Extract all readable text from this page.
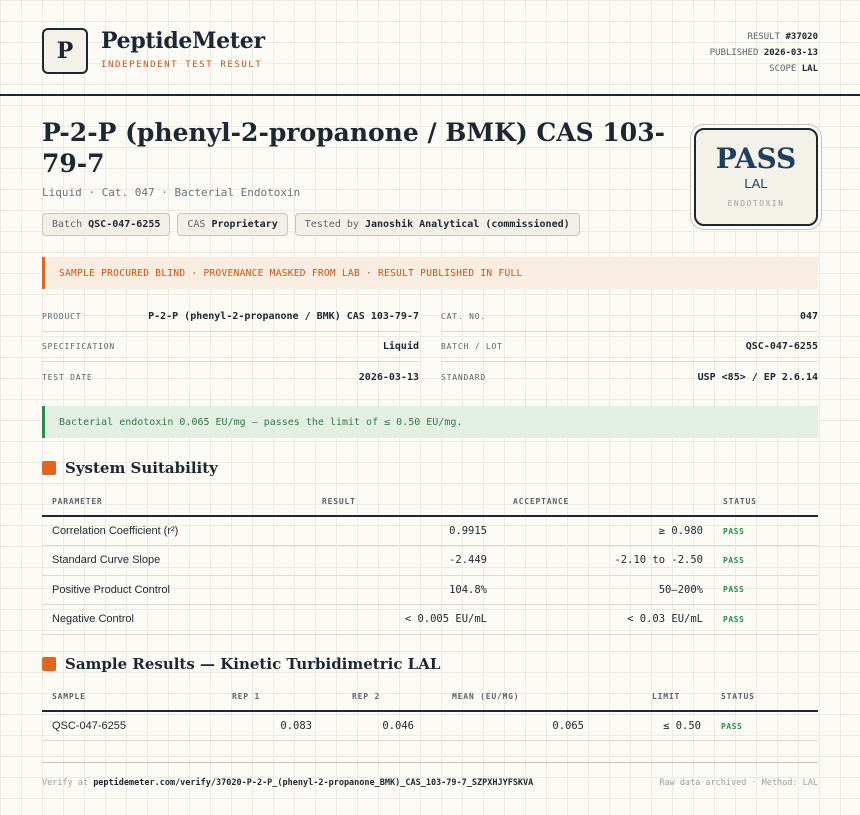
P	PeptideMeter
INDEPENDENT TEST RESULT
RESULT #37020
PUBLISHED 2026-03-13
SCOPE LAL
P-2-P (phenyl-2-propanone / BMK) CAS 103-79-7
Liquid · Cat. 047 · Bacterial Endotoxin
Batch QSC-047-6255	CAS Proprietary	Tested by Janoshik Analytical (commissioned)
PASS
LAL
ENDOTOXIN
SAMPLE PROCURED BLIND · PROVENANCE MASKED FROM LAB · RESULT PUBLISHED IN FULL
PRODUCT	P-2-P (phenyl-2-propanone / BMK) CAS 103-79-7	CAT. NO.	047
SPECIFICATION	Liquid	BATCH / LOT	QSC-047-6255
TEST DATE	2026-03-13	STANDARD	USP <85> / EP 2.6.14
Bacterial endotoxin 0.065 EU/mg — passes the limit of ≤ 0.50 EU/mg.
System Suitability
PARAMETER	RESULT	ACCEPTANCE	STATUS
Correlation Coefficient (r²)	0.9915	≥ 0.980	PASS
Standard Curve Slope	-2.449	-2.10 to -2.50	PASS
Positive Product Control	104.8%	50–200%	PASS
Negative Control	< 0.005 EU/mL	< 0.03 EU/mL	PASS
Sample Results — Kinetic Turbidimetric LAL
SAMPLE	REP 1	REP 2	MEAN (EU/MG)	LIMIT	STATUS
QSC-047-6255	0.083	0.046	0.065	≤ 0.50	PASS
Verify at peptidemeter.com/verify/37020-P-2-P_(phenyl-2-propanone_BMK)_CAS_103-79-7_SZPXHJYFSKVA	Raw data archived · Method: LAL
